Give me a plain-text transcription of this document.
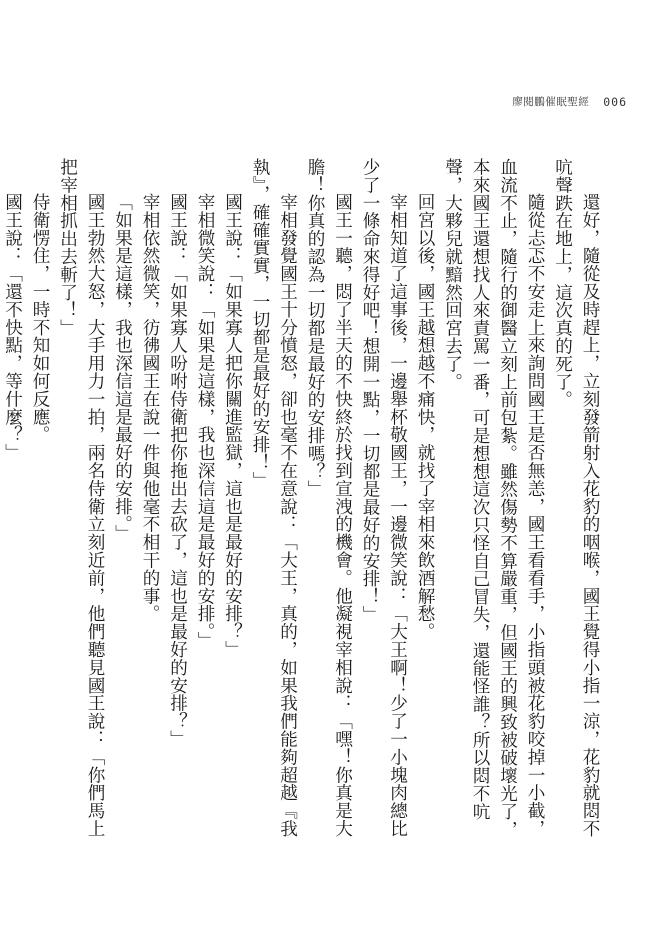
廖閱鵬催眠聖經 006

還好，隨從及時趕上，立刻發箭射入花豹的咽喉，國王覺得小指一涼，花豹就悶不吭聲跌在地上，這次真的死了。

隨從忐忑不安走上來詢問國王是否無恙，國王看看手，小指頭被花豹咬掉一小截，血流不止，隨行的御醫立刻上前包紮。雖然傷勢不算嚴重，但國王的興致被破壞光了，本來國王還想找人來責罵一番，可是想想這次只怪自己冒失，還能怪誰？所以悶不吭聲，大夥兒就黯然回宮去了。

回宮以後，國王越想越不痛快，就找了宰相來飲酒解愁。

宰相知道了這事後，一邊舉杯敬國王，一邊微笑說：「大王啊！少了一小塊肉總比少了一條命來得好吧！想開一點，一切都是最好的安排！」

國王一聽，悶了半天的不快終於找到宣洩的機會。他凝視宰相說：「嘿！你真是大膽！你真的認為一切都是最好的安排嗎？」

宰相發覺國王十分憤怒，卻也毫不在意說：「大王，真的，如果我們能夠超越『我執』，確確實實，一切都是最好的安排！」

國王說：「如果寡人把你關進監獄，這也是最好的安排？」

宰相微笑說：「如果是這樣，我也深信這是最好的安排。」

國王說：「如果寡人吩咐侍衛把你拖出去砍了，這也是最好的安排？」

宰相依然微笑，彷彿國王在說一件與他毫不相干的事。

「如果是這樣，我也深信這是最好的安排。」

國王勃然大怒，大手用力一拍，兩名侍衛立刻近前，他們聽見國王說：「你們馬上把宰相抓出去斬了！」

侍衛愣住，一時不知如何反應。

國王說：「還不快點，等什麼？」
